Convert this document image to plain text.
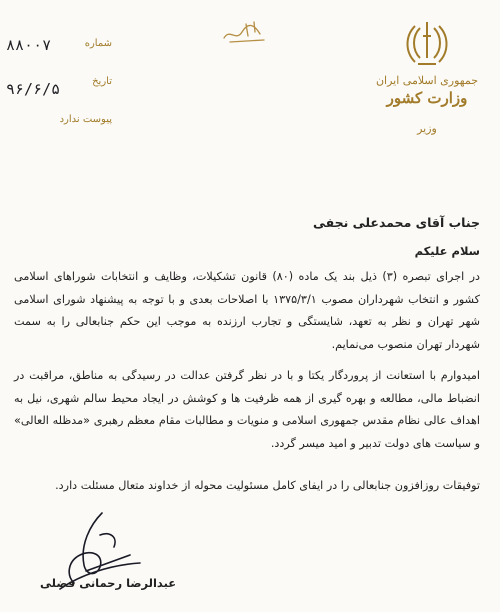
۸۸۰۰۷	شماره
۹۶/۶/۵	تاریخ
پیوست ندارد
جمهوری اسلامی ایران
وزارت کشور
وزیر
جناب آقای محمدعلی نجفی
سلام علیکم
در اجرای تبصره (۳) ذیل بند یک ماده (۸۰) قانون تشکیلات، وظایف و انتخابات شوراهای اسلامی کشور و انتخاب شهرداران مصوب ۱۳۷۵/۳/۱ با اصلاحات بعدی و با توجه به پیشنهاد شورای اسلامی شهر تهران و نظر به تعهد، شایستگی و تجارب ارزنده به موجب این حکم جنابعالی را به سمت شهردار تهران منصوب می‌نمایم.
امیدوارم با استعانت از پروردگار یکتا و با در نظر گرفتن عدالت در رسیدگی به مناطق، مراقبت در انضباط مالی، مطالعه و بهره گیری از همه ظرفیت ها و کوشش در ایجاد محیط سالم شهری، نیل به اهداف عالی نظام مقدس جمهوری اسلامی و منویات و مطالبات مقام معظم رهبری «مدظله العالی» و سیاست های دولت تدبیر و امید میسر گردد.
توفیقات روزافزون جنابعالی را در ایفای کامل مسئولیت محوله از خداوند متعال مسئلت دارد.
عبدالرضا رحمانی فضلی
